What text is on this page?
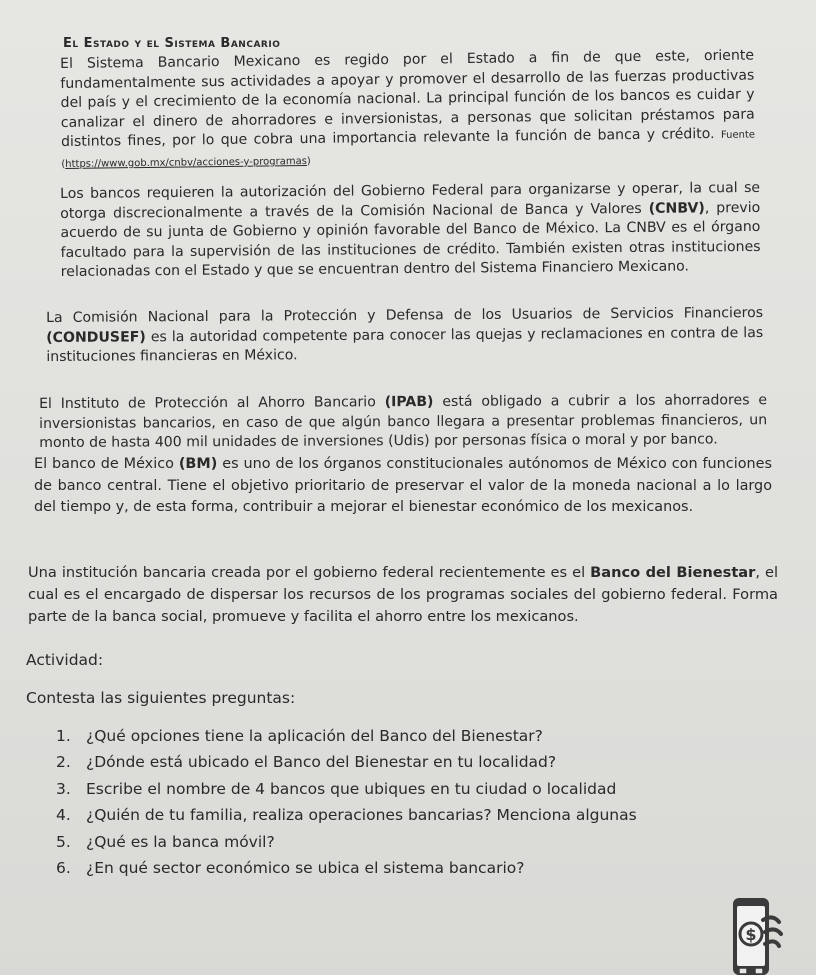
El Estado y el Sistema Bancario

El Sistema Bancario Mexicano es regido por el Estado a fin de que este, oriente fundamentalmente sus actividades a apoyar y promover el desarrollo de las fuerzas productivas del país y el crecimiento de la economía nacional. La principal función de los bancos es cuidar y canalizar el dinero de ahorradores e inversionistas, a personas que solicitan préstamos para distintos fines, por lo que cobra una importancia relevante la función de banca y crédito. Fuente (https://www.gob.mx/cnbv/acciones-y-programas)

Los bancos requieren la autorización del Gobierno Federal para organizarse y operar, la cual se otorga discrecionalmente a través de la Comisión Nacional de Banca y Valores (CNBV), previo acuerdo de su junta de Gobierno y opinión favorable del Banco de México. La CNBV es el órgano facultado para la supervisión de las instituciones de crédito. También existen otras instituciones relacionadas con el Estado y que se encuentran dentro del Sistema Financiero Mexicano.

La Comisión Nacional para la Protección y Defensa de los Usuarios de Servicios Financieros (CONDUSEF) es la autoridad competente para conocer las quejas y reclamaciones en contra de las instituciones financieras en México.

El Instituto de Protección al Ahorro Bancario (IPAB) está obligado a cubrir a los ahorradores e inversionistas bancarios, en caso de que algún banco llegara a presentar problemas financieros, un monto de hasta 400 mil unidades de inversiones (Udis) por personas física o moral y por banco.

El banco de México (BM) es uno de los órganos constitucionales autónomos de México con funciones de banco central. Tiene el objetivo prioritario de preservar el valor de la moneda nacional a lo largo del tiempo y, de esta forma, contribuir a mejorar el bienestar económico de los mexicanos.

Una institución bancaria creada por el gobierno federal recientemente es el Banco del Bienestar, el cual es el encargado de dispersar los recursos de los programas sociales del gobierno federal. Forma parte de la banca social, promueve y facilita el ahorro entre los mexicanos.

Actividad:

Contesta las siguientes preguntas:

1. ¿Qué opciones tiene la aplicación del Banco del Bienestar?
2. ¿Dónde está ubicado el Banco del Bienestar en tu localidad?
3. Escribe el nombre de 4 bancos que ubiques en tu ciudad o localidad
4. ¿Quién de tu familia, realiza operaciones bancarias? Menciona algunas
5. ¿Qué es la banca móvil?
6. ¿En qué sector económico se ubica el sistema bancario?
$
